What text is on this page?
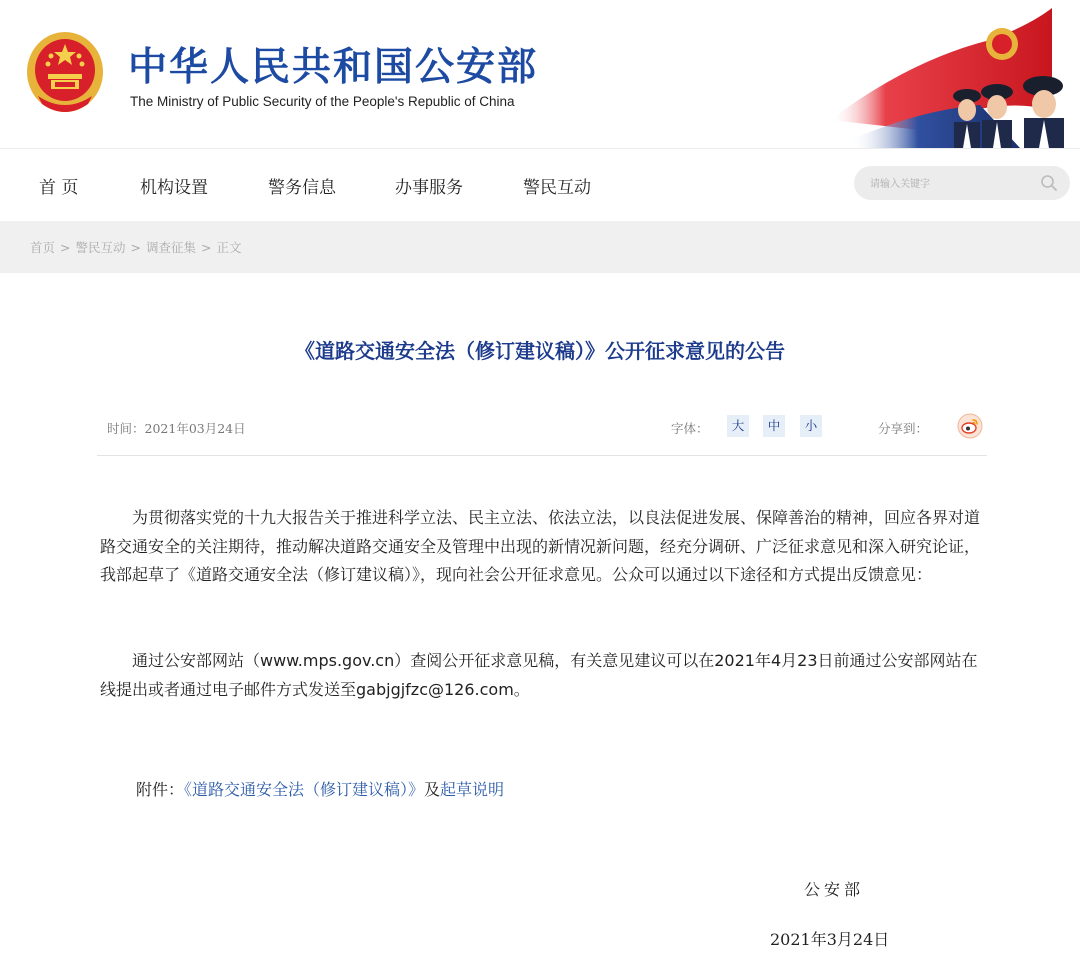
中华人民共和国公安部
The Ministry of Public Security of the People's Republic of China
首 页	机构设置	警务信息	办事服务	警民互动
请输入关键字
首页 > 警民互动 > 调查征集 > 正文
《道路交通安全法（修订建议稿）》公开征求意见的公告
时间：2021年03月24日	字体：	大	中	小	分享到：
为贯彻落实党的十九大报告关于推进科学立法、民主立法、依法立法，以良法促进发展、保障善治的精神，回应各界对道路交通安全的关注期待，推动解决道路交通安全及管理中出现的新情况新问题，经充分调研、广泛征求意见和深入研究论证，我部起草了《道路交通安全法（修订建议稿）》，现向社会公开征求意见。公众可以通过以下途径和方式提出反馈意见：
通过公安部网站（www.mps.gov.cn）查阅公开征求意见稿，有关意见建议可以在2021年4月23日前通过公安部网站在线提出或者通过电子邮件方式发送至gabjgjfzc@126.com。
附件：《道路交通安全法（修订建议稿）》及起草说明
公安部
2021年3月24日
